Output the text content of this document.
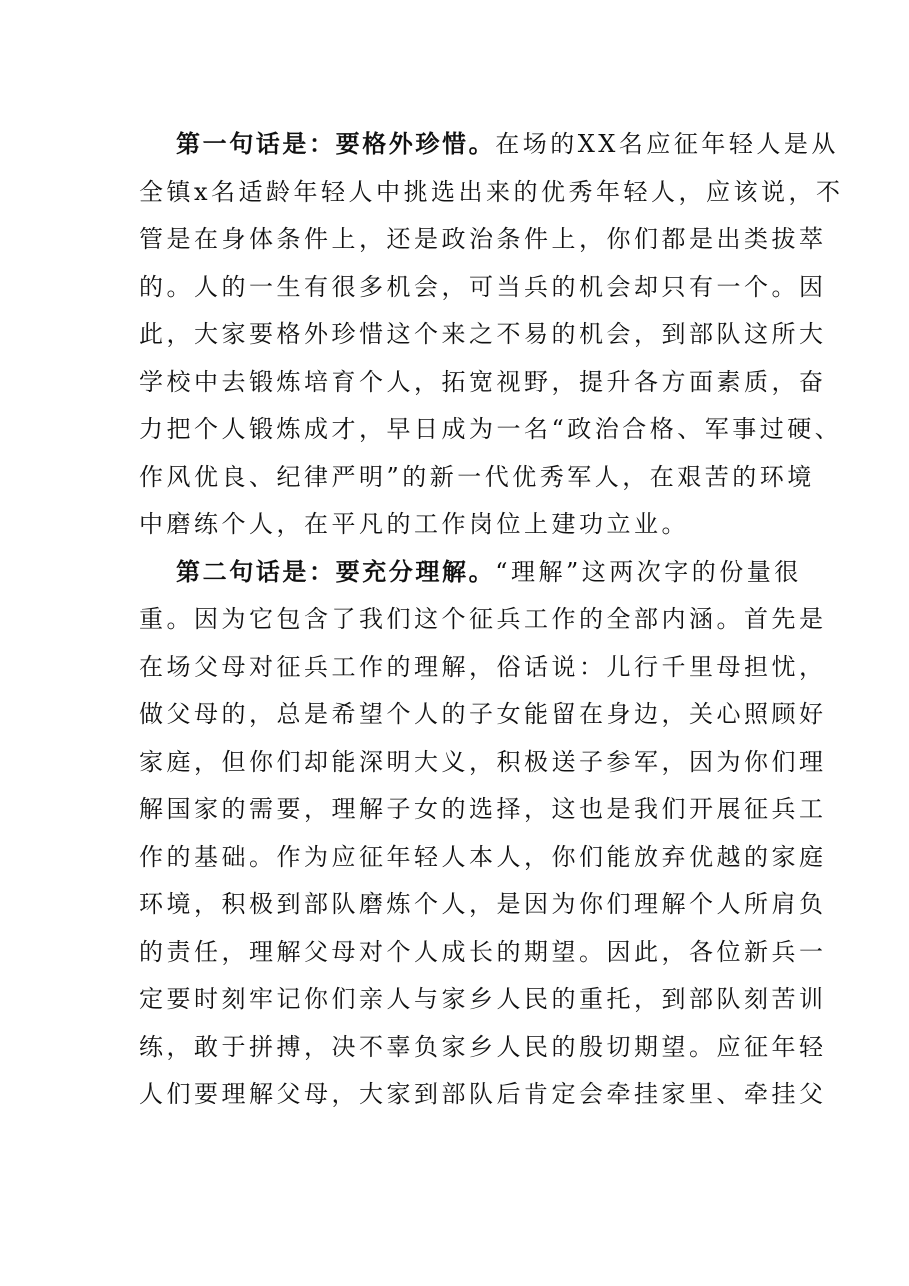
第一句话是：要格外珍惜。在场的XX名应征年轻人是从
全镇x名适龄年轻人中挑选出来的优秀年轻人，应该说，不
管是在身体条件上，还是政治条件上，你们都是出类拔萃
的。人的一生有很多机会，可当兵的机会却只有一个。因
此，大家要格外珍惜这个来之不易的机会，到部队这所大
学校中去锻炼培育个人，拓宽视野，提升各方面素质，奋
力把个人锻炼成才，早日成为一名“政治合格、军事过硬、
作风优良、纪律严明”的新一代优秀军人，在艰苦的环境
中磨练个人，在平凡的工作岗位上建功立业。
第二句话是：要充分理解。“理解”这两次字的份量很
重。因为它包含了我们这个征兵工作的全部内涵。首先是
在场父母对征兵工作的理解，俗话说：儿行千里母担忧，
做父母的，总是希望个人的子女能留在身边，关心照顾好
家庭，但你们却能深明大义，积极送子参军，因为你们理
解国家的需要，理解子女的选择，这也是我们开展征兵工
作的基础。作为应征年轻人本人，你们能放弃优越的家庭
环境，积极到部队磨炼个人，是因为你们理解个人所肩负
的责任，理解父母对个人成长的期望。因此，各位新兵一
定要时刻牢记你们亲人与家乡人民的重托，到部队刻苦训
练，敢于拼搏，决不辜负家乡人民的殷切期望。应征年轻
人们要理解父母，大家到部队后肯定会牵挂家里、牵挂父
